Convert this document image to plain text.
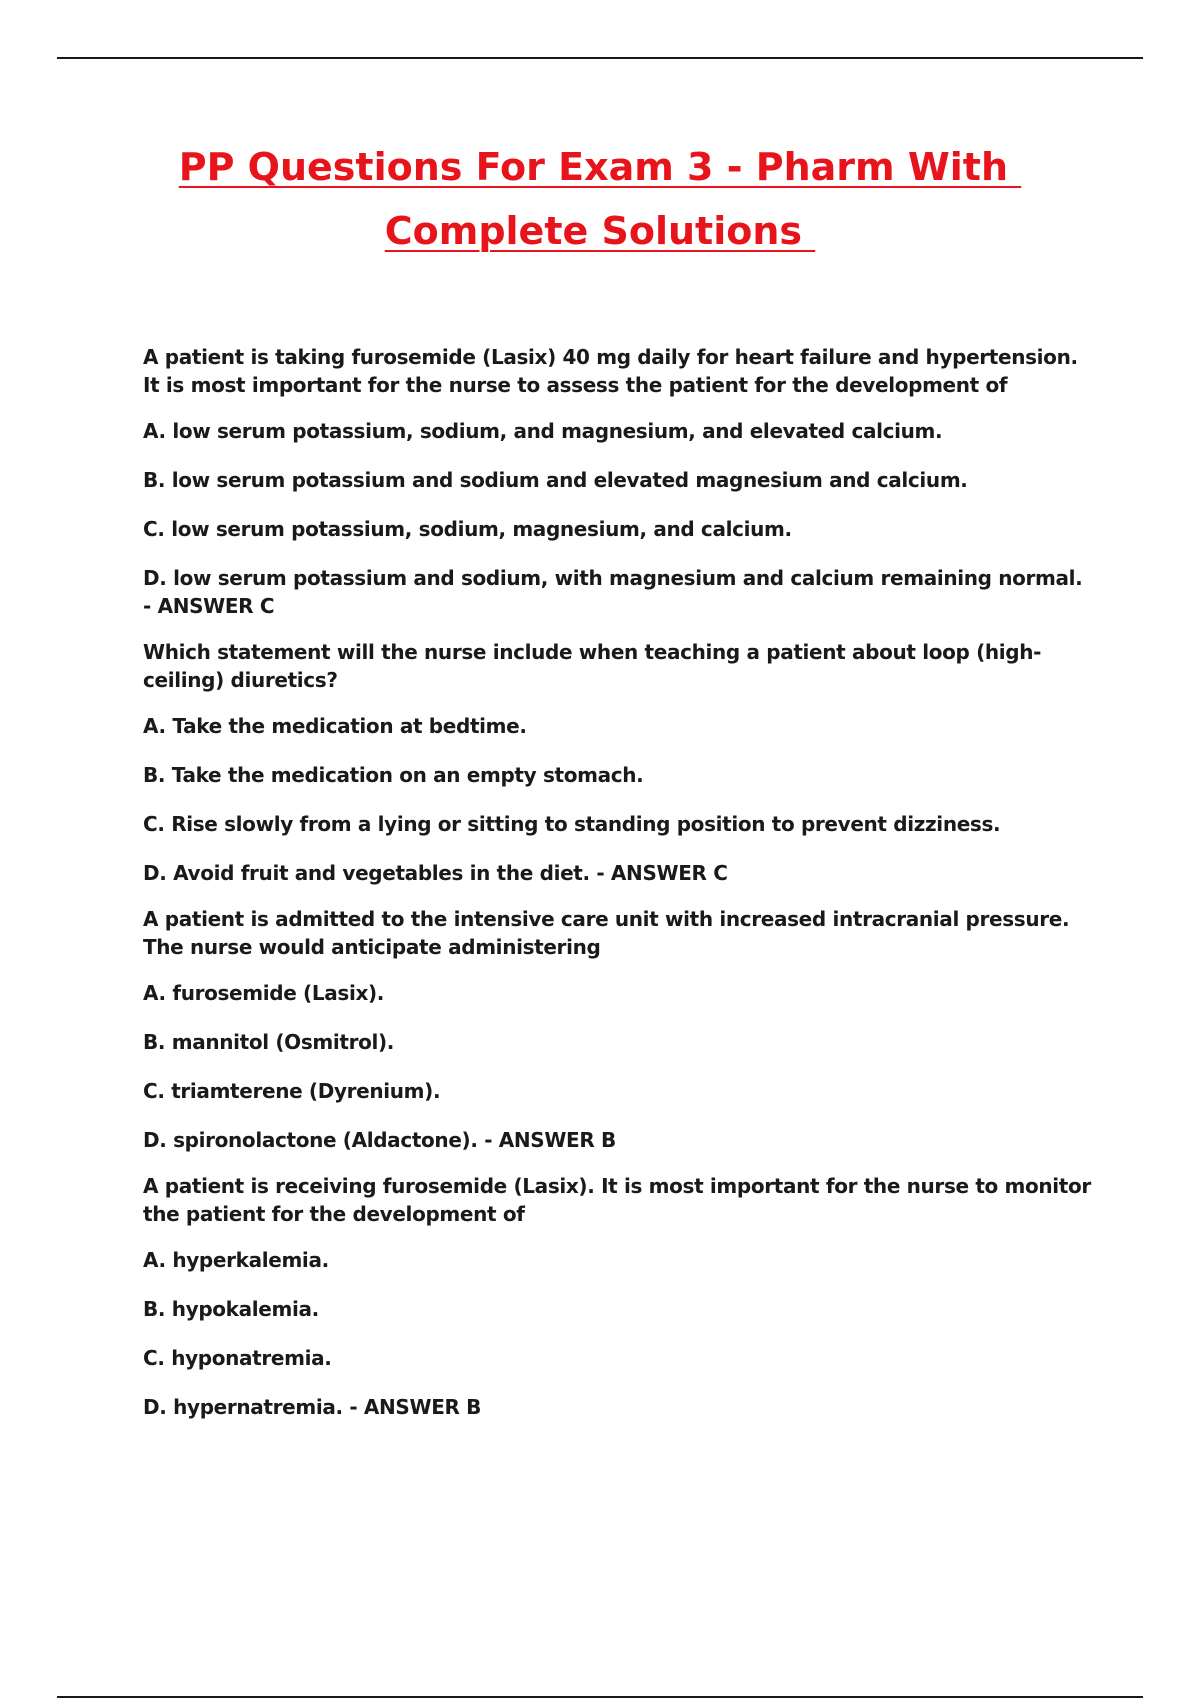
PP Questions For Exam 3 - Pharm With
Complete Solutions

A patient is taking furosemide (Lasix) 40 mg daily for heart failure and hypertension. It is most important for the nurse to assess the patient for the development of

A. low serum potassium, sodium, and magnesium, and elevated calcium.

B. low serum potassium and sodium and elevated magnesium and calcium.

C. low serum potassium, sodium, magnesium, and calcium.

D. low serum potassium and sodium, with magnesium and calcium remaining normal. - ANSWER C

Which statement will the nurse include when teaching a patient about loop (high-ceiling) diuretics?

A. Take the medication at bedtime.

B. Take the medication on an empty stomach.

C. Rise slowly from a lying or sitting to standing position to prevent dizziness.

D. Avoid fruit and vegetables in the diet. - ANSWER C

A patient is admitted to the intensive care unit with increased intracranial pressure. The nurse would anticipate administering

A. furosemide (Lasix).

B. mannitol (Osmitrol).

C. triamterene (Dyrenium).

D. spironolactone (Aldactone). - ANSWER B

A patient is receiving furosemide (Lasix). It is most important for the nurse to monitor the patient for the development of

A. hyperkalemia.

B. hypokalemia.

C. hyponatremia.

D. hypernatremia. - ANSWER B
